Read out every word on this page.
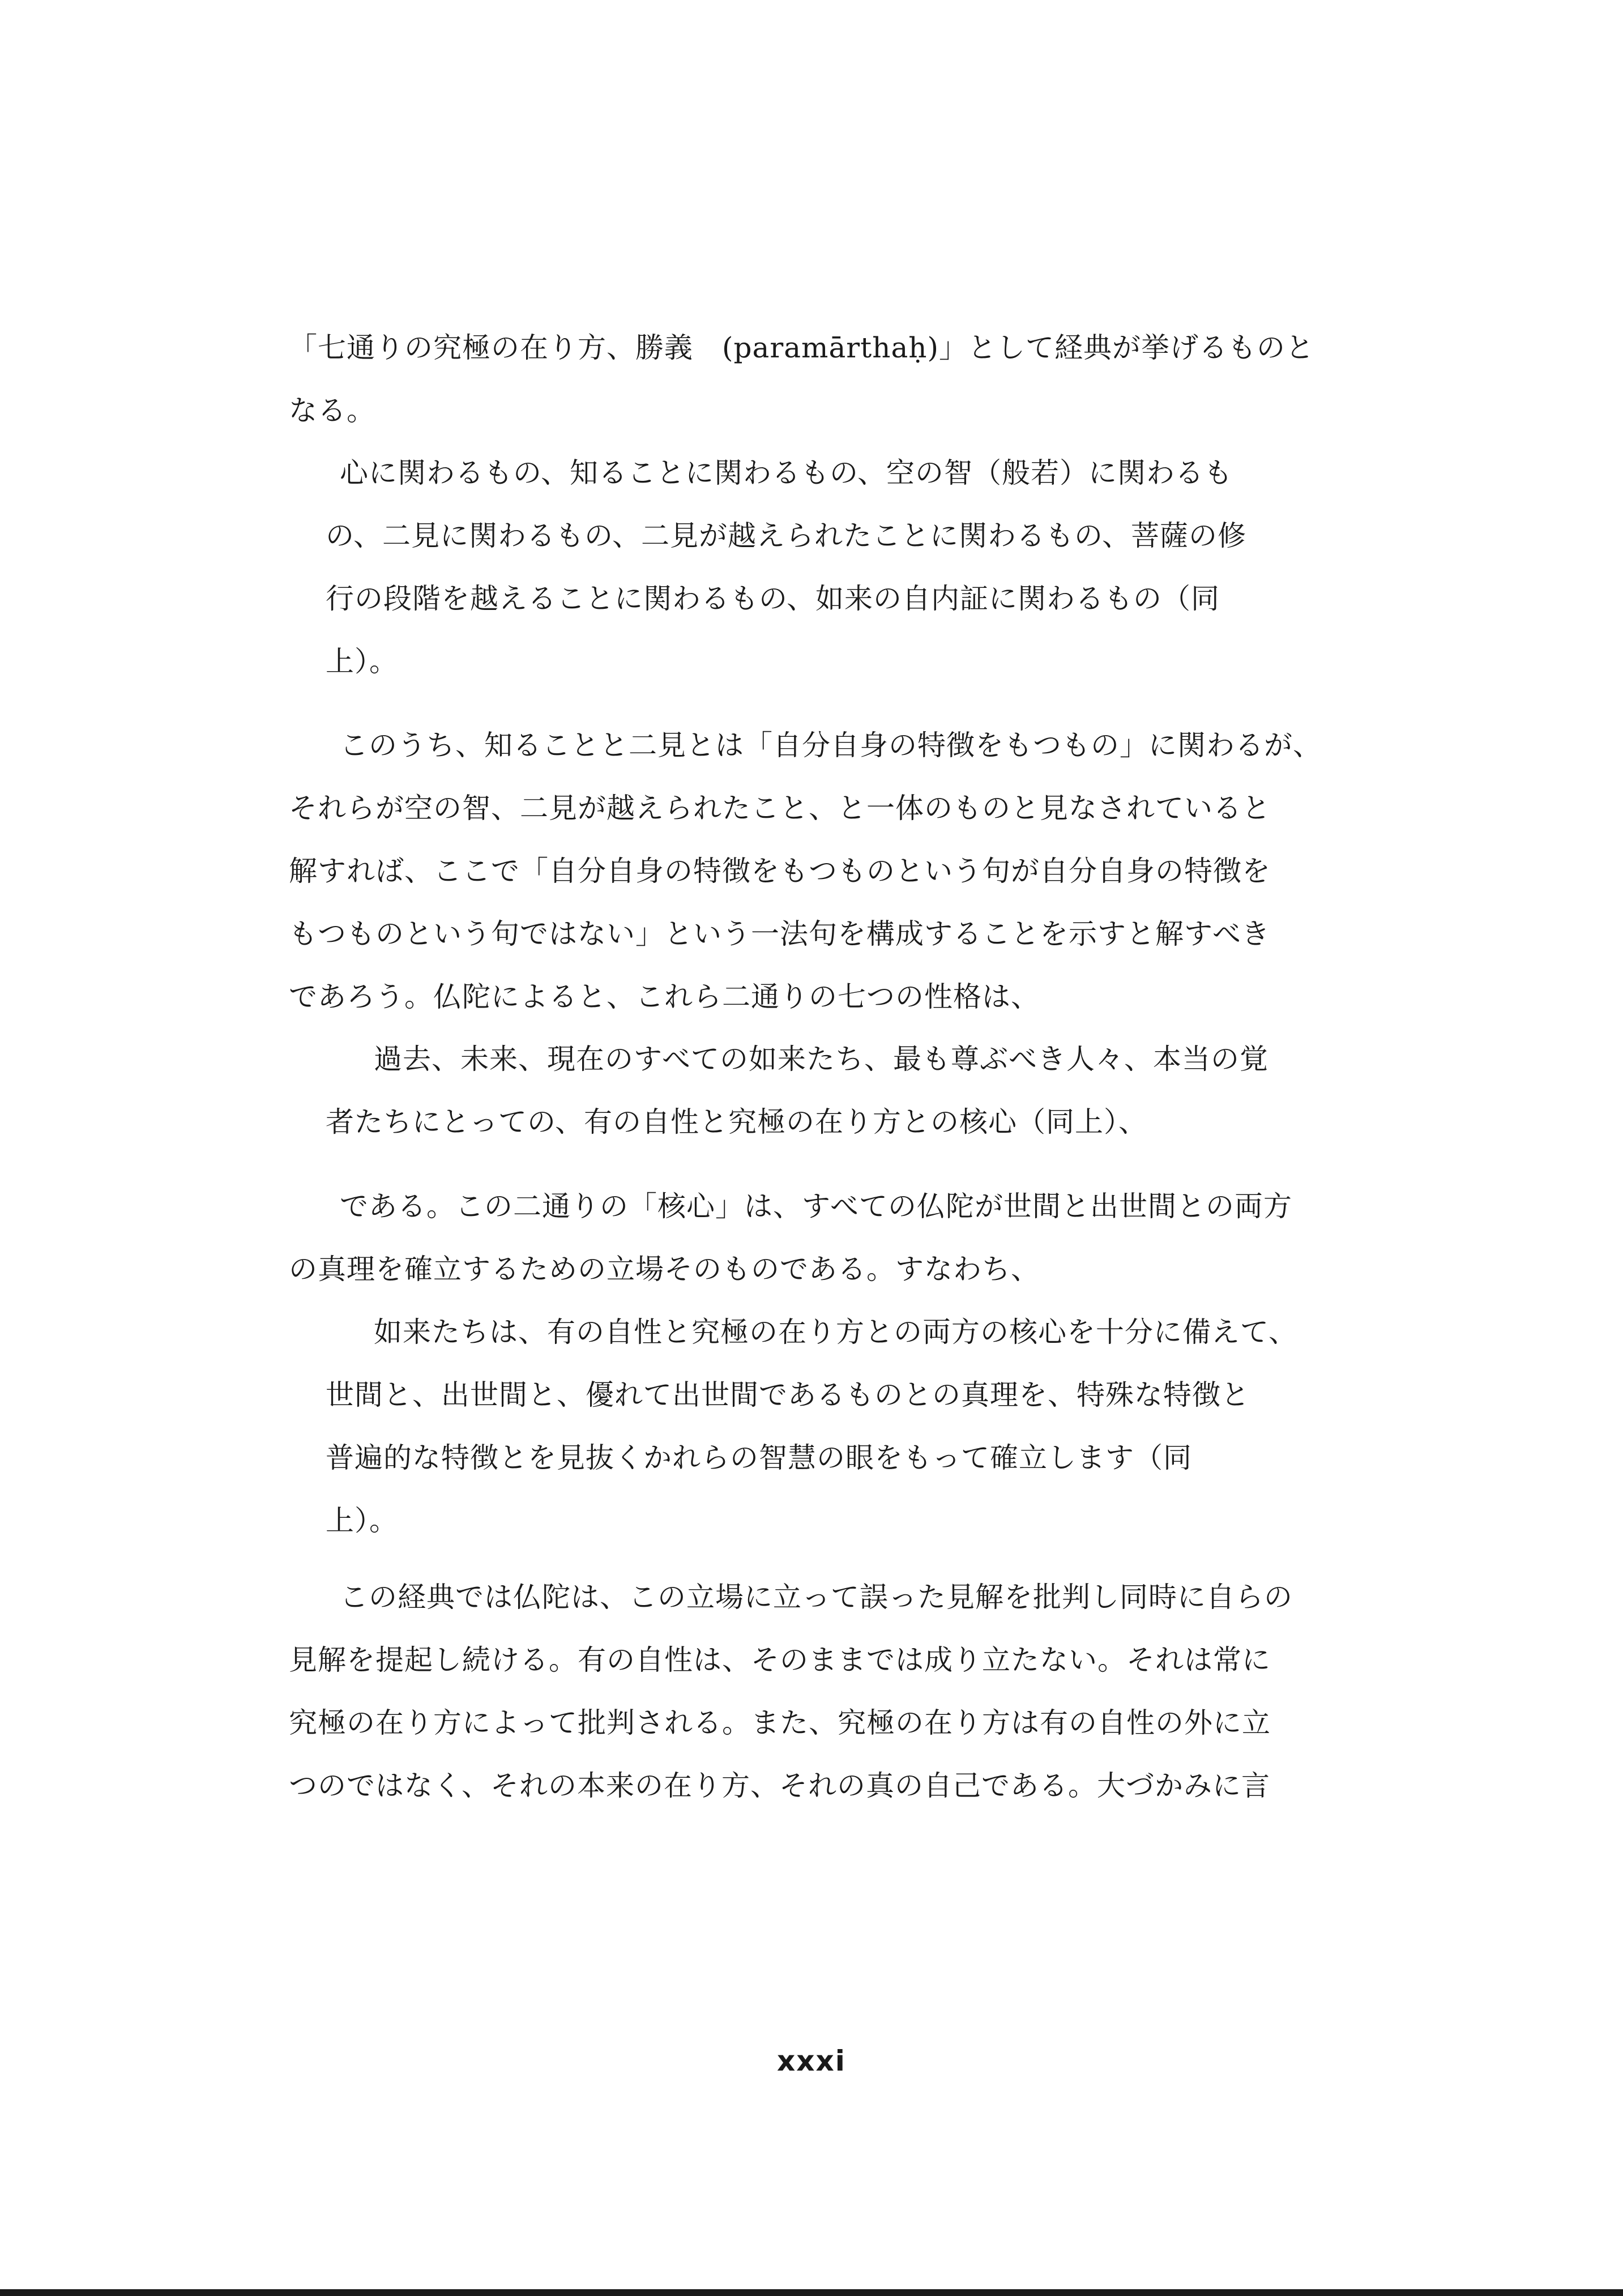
「七通りの究極の在り方、勝義　(paramārthaḥ)」として経典が挙げるものと
なる。
心に関わるもの、知ることに関わるもの、空の智（般若）に関わるも
の、二見に関わるもの、二見が越えられたことに関わるもの、菩薩の修
行の段階を越えることに関わるもの、如来の自内証に関わるもの（同
上）。
このうち、知ることと二見とは「自分自身の特徴をもつもの」に関わるが、
それらが空の智、二見が越えられたこと、と一体のものと見なされていると
解すれば、ここで「自分自身の特徴をもつものという句が自分自身の特徴を
もつものという句ではない」という一法句を構成することを示すと解すべき
であろう。仏陀によると、これら二通りの七つの性格は、
過去、未来、現在のすべての如来たち、最も尊ぶべき人々、本当の覚
者たちにとっての、有の自性と究極の在り方との核心（同上）、
である。この二通りの「核心」は、すべての仏陀が世間と出世間との両方
の真理を確立するための立場そのものである。すなわち、
如来たちは、有の自性と究極の在り方との両方の核心を十分に備えて、
世間と、出世間と、優れて出世間であるものとの真理を、特殊な特徴と
普遍的な特徴とを見抜くかれらの智慧の眼をもって確立します（同
上）。
この経典では仏陀は、この立場に立って誤った見解を批判し同時に自らの
見解を提起し続ける。有の自性は、そのままでは成り立たない。それは常に
究極の在り方によって批判される。また、究極の在り方は有の自性の外に立
つのではなく、それの本来の在り方、それの真の自己である。大づかみに言
xxxi
